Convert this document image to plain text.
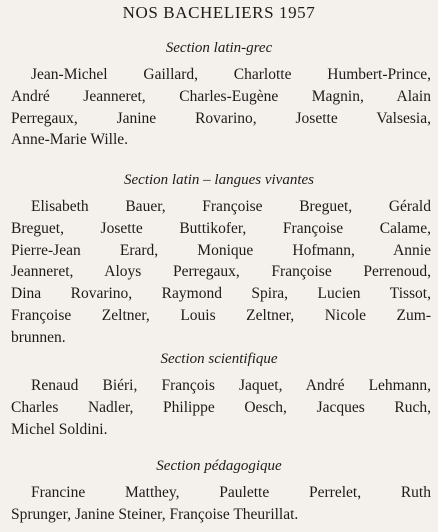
NOS BACHELIERS 1957
Section latin-grec
Jean-Michel Gaillard, Charlotte Humbert-Prince,
André Jeanneret, Charles-Eugène Magnin, Alain
Perregaux, Janine Rovarino, Josette Valsesia,
Anne-Marie Wille.
Section latin – langues vivantes
Elisabeth Bauer, Françoise Breguet, Gérald
Breguet, Josette Buttikofer, Françoise Calame,
Pierre-Jean Erard, Monique Hofmann, Annie
Jeanneret, Aloys Perregaux, Françoise Perrenoud,
Dina Rovarino, Raymond Spira, Lucien Tissot,
Françoise Zeltner, Louis Zeltner, Nicole Zum-
brunnen.
Section scientifique
Renaud Biéri, François Jaquet, André Lehmann,
Charles Nadler, Philippe Oesch, Jacques Ruch,
Michel Soldini.
Section pédagogique
Francine Matthey, Paulette Perrelet, Ruth
Sprunger, Janine Steiner, Françoise Theurillat.
